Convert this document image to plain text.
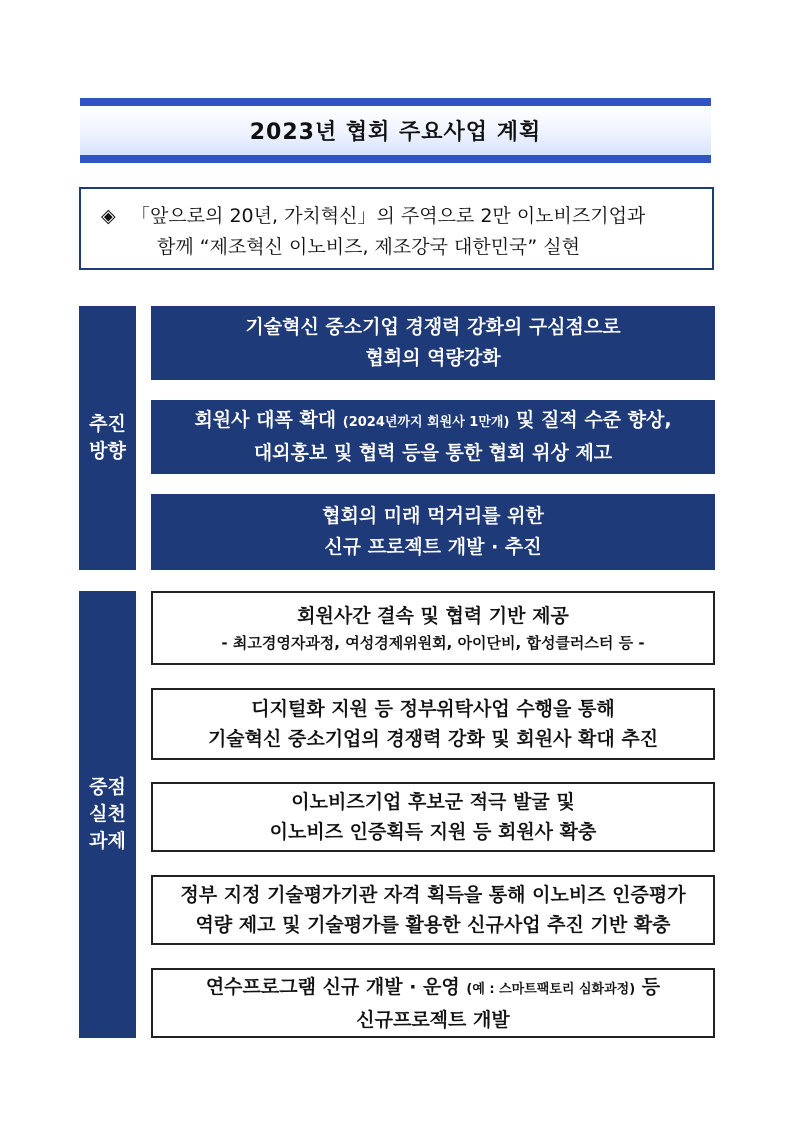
2023년 협회 주요사업 계획
◈ 「앞으로의 20년, 가치혁신」의 주역으로 2만 이노비즈기업과
함께 “제조혁신 이노비즈, 제조강국 대한민국” 실현
추진
방향
기술혁신 중소기업 경쟁력 강화의 구심점으로
협회의 역량강화
회원사 대폭 확대 (2024년까지 회원사 1만개) 및 질적 수준 향상,
대외홍보 및 협력 등을 통한 협회 위상 제고
협회의 미래 먹거리를 위한
신규 프로젝트 개발 · 추진
중점
실천
과제
회원사간 결속 및 협력 기반 제공
- 최고경영자과정, 여성경제위원회, 아이단비, 합성클러스터 등 -
디지털화 지원 등 정부위탁사업 수행을 통해
기술혁신 중소기업의 경쟁력 강화 및 회원사 확대 추진
이노비즈기업 후보군 적극 발굴 및
이노비즈 인증획득 지원 등 회원사 확충
정부 지정 기술평가기관 자격 획득을 통해 이노비즈 인증평가
역량 제고 및 기술평가를 활용한 신규사업 추진 기반 확충
연수프로그램 신규 개발 · 운영 (예 : 스마트팩토리 심화과정) 등
신규프로젝트 개발
